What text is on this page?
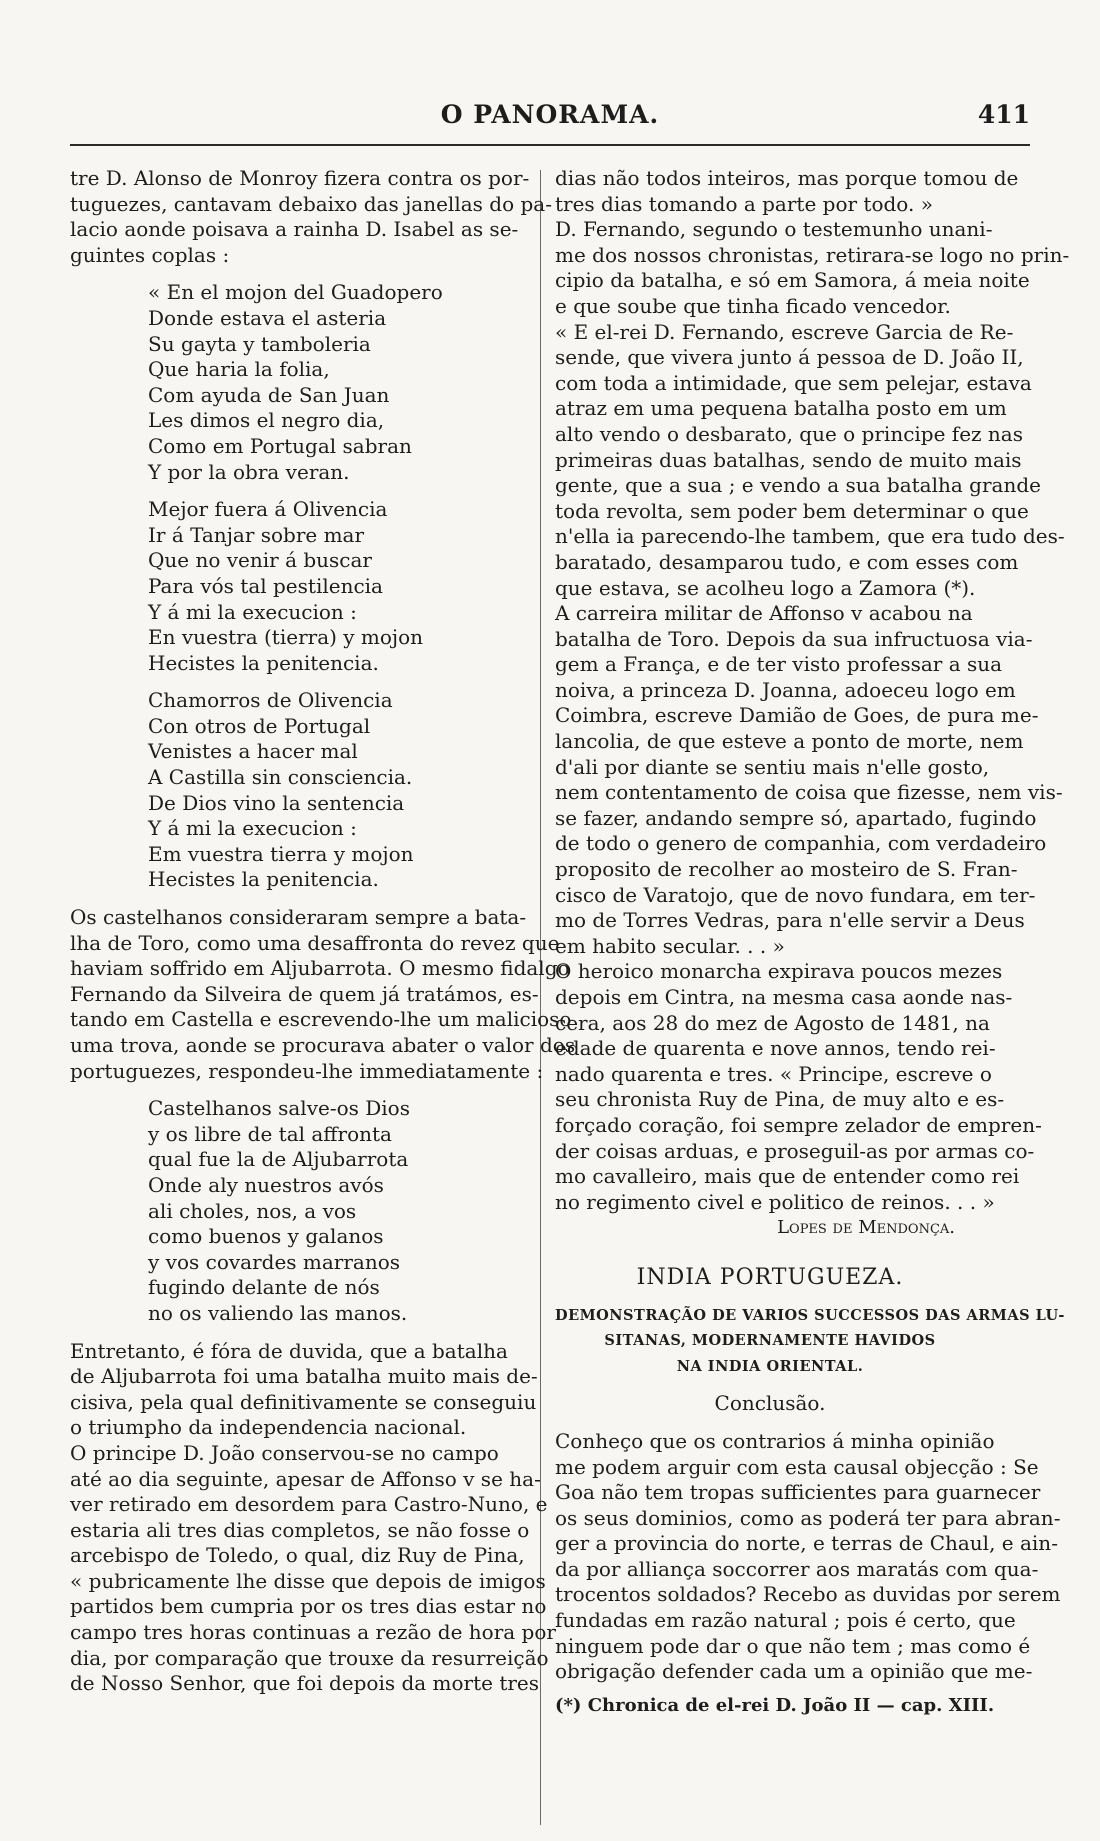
O PANORAMA.	411
tre D. Alonso de Monroy fizera contra os por-
tuguezes, cantavam debaixo das janellas do pa-
lacio aonde poisava a rainha D. Isabel as se-
guintes coplas :
« En el mojon del Guadopero
Donde estava el asteria
Su gayta y tamboleria
Que haria la folia,
Com ayuda de San Juan
Les dimos el negro dia,
Como em Portugal sabran
Y por la obra veran.
Mejor fuera á Olivencia
Ir á Tanjar sobre mar
Que no venir á buscar
Para vós tal pestilencia
Y á mi la execucion :
En vuestra (tierra) y mojon
Hecistes la penitencia.
Chamorros de Olivencia
Con otros de Portugal
Venistes a hacer mal
A Castilla sin consciencia.
De Dios vino la sentencia
Y á mi la execucion :
Em vuestra tierra y mojon
Hecistes la penitencia.
Os castelhanos consideraram sempre a bata-
lha de Toro, como uma desaffronta do revez que
haviam soffrido em Aljubarrota. O mesmo fidalgo
Fernando da Silveira de quem já tratámos, es-
tando em Castella e escrevendo-lhe um malicioso
uma trova, aonde se procurava abater o valor dos
portuguezes, respondeu-lhe immediatamente :
Castelhanos salve-os Dios
y os libre de tal affronta
qual fue la de Aljubarrota
Onde aly nuestros avós
ali choles, nos, a vos
como buenos y galanos
y vos covardes marranos
fugindo delante de nós
no os valiendo las manos.
Entretanto, é fóra de duvida, que a batalha
de Aljubarrota foi uma batalha muito mais de-
cisiva, pela qual definitivamente se conseguiu
o triumpho da independencia nacional.
O principe D. João conservou-se no campo
até ao dia seguinte, apesar de Affonso v se ha-
ver retirado em desordem para Castro-Nuno, e
estaria ali tres dias completos, se não fosse o
arcebispo de Toledo, o qual, diz Ruy de Pina,
« pubricamente lhe disse que depois de imigos
partidos bem cumpria por os tres dias estar no
campo tres horas continuas a rezão de hora por
dia, por comparação que trouxe da resurreição
de Nosso Senhor, que foi depois da morte tres
dias não todos inteiros, mas porque tomou de
tres dias tomando a parte por todo. »
D. Fernando, segundo o testemunho unani-
me dos nossos chronistas, retirara-se logo no prin-
cipio da batalha, e só em Samora, á meia noite
e que soube que tinha ficado vencedor.
« E el-rei D. Fernando, escreve Garcia de Re-
sende, que vivera junto á pessoa de D. João II,
com toda a intimidade, que sem pelejar, estava
atraz em uma pequena batalha posto em um
alto vendo o desbarato, que o principe fez nas
primeiras duas batalhas, sendo de muito mais
gente, que a sua ; e vendo a sua batalha grande
toda revolta, sem poder bem determinar o que
n'ella ia parecendo-lhe tambem, que era tudo des-
baratado, desamparou tudo, e com esses com
que estava, se acolheu logo a Zamora (*).
A carreira militar de Affonso v acabou na
batalha de Toro. Depois da sua infructuosa via-
gem a França, e de ter visto professar a sua
noiva, a princeza D. Joanna, adoeceu logo em
Coimbra, escreve Damião de Goes, de pura me-
lancolia, de que esteve a ponto de morte, nem
d'ali por diante se sentiu mais n'elle gosto,
nem contentamento de coisa que fizesse, nem vis-
se fazer, andando sempre só, apartado, fugindo
de todo o genero de companhia, com verdadeiro
proposito de recolher ao mosteiro de S. Fran-
cisco de Varatojo, que de novo fundara, em ter-
mo de Torres Vedras, para n'elle servir a Deus
em habito secular. . . »
O heroico monarcha expirava poucos mezes
depois em Cintra, na mesma casa aonde nas-
cera, aos 28 do mez de Agosto de 1481, na
edade de quarenta e nove annos, tendo rei-
nado quarenta e tres. « Principe, escreve o
seu chronista Ruy de Pina, de muy alto e es-
forçado coração, foi sempre zelador de empren-
der coisas arduas, e proseguil-as por armas co-
mo cavalleiro, mais que de entender como rei
no regimento civel e politico de reinos. . . »
Lopes de Mendonça.
INDIA PORTUGUEZA.
DEMONSTRAÇÃO DE VARIOS SUCCESSOS DAS ARMAS LU-
SITANAS, MODERNAMENTE HAVIDOS
NA INDIA ORIENTAL.
Conclusão.
Conheço que os contrarios á minha opinião
me podem arguir com esta causal objecção : Se
Goa não tem tropas sufficientes para guarnecer
os seus dominios, como as poderá ter para abran-
ger a provincia do norte, e terras de Chaul, e ain-
da por alliança soccorrer aos maratás com qua-
trocentos soldados? Recebo as duvidas por serem
fundadas em razão natural ; pois é certo, que
ninguem pode dar o que não tem ; mas como é
obrigação defender cada um a opinião que me-
(*) Chronica de el-rei D. João II — cap. XIII.
